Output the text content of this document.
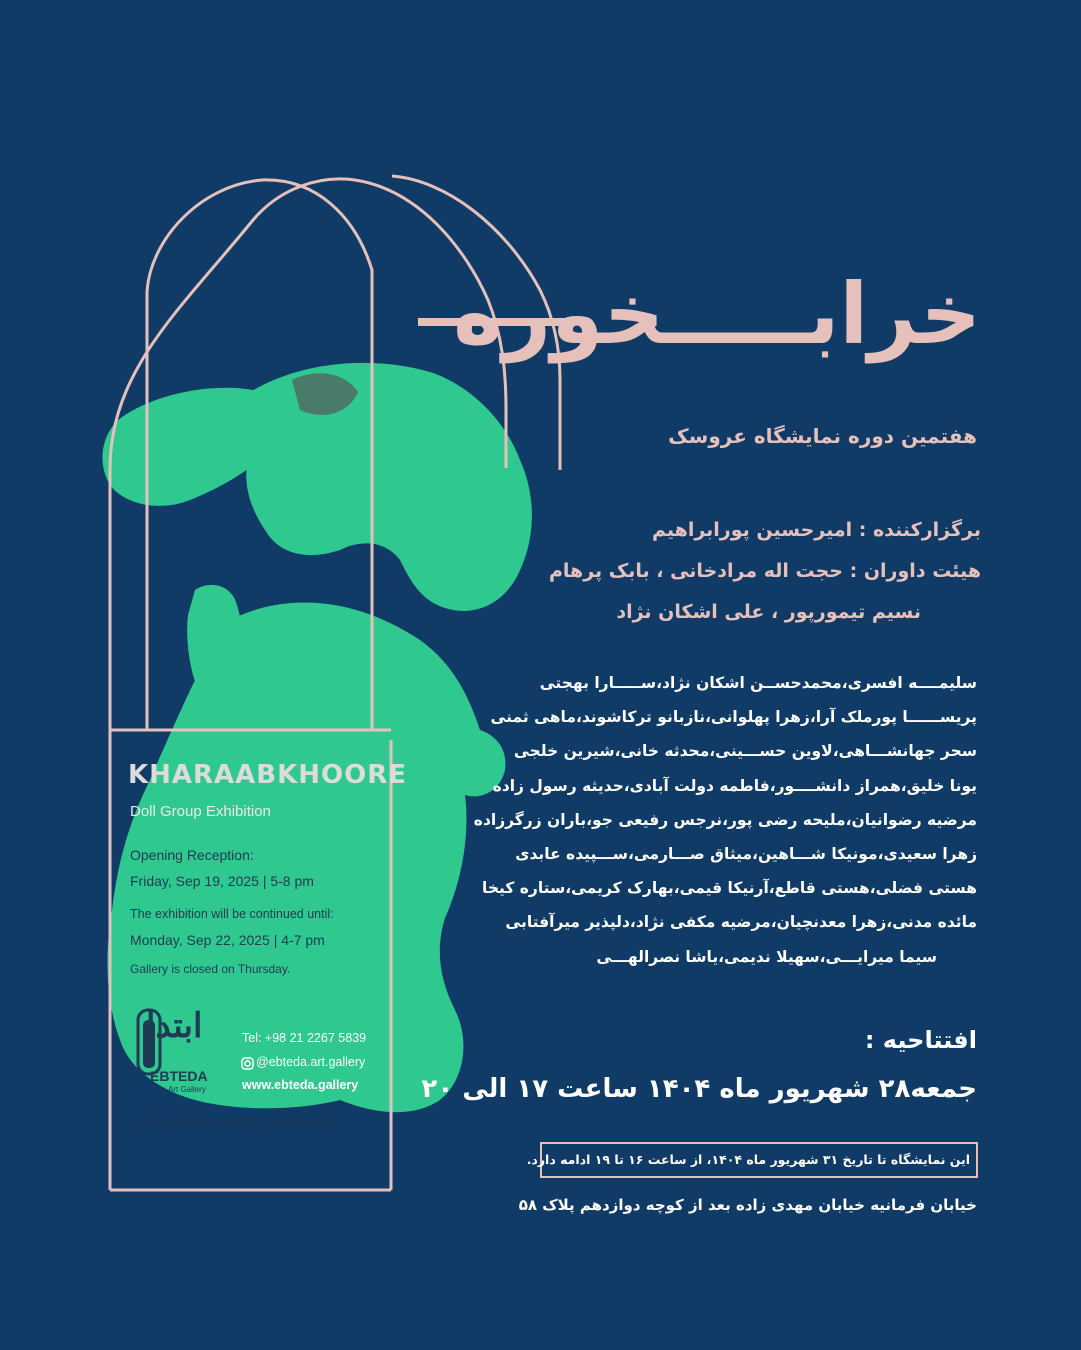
خرابـــــخوره
هفتمین دوره نمایشگاه عروسک
برگزارکننده : امیرحسین پورابراهیم
هیئت داوران : حجت اله مرادخانی ، بابک پرهام
نسیم تیمورپور ، علی اشکان نژاد
سلیمــــه افسری،محمدحســن اشکان نژاد،ســـــارا بهجتی
پریســــــا پورملک آرا،زهرا پهلوانی،نازبانو ترکاشوند،ماهی ثمنی
سحر جهانشـــاهی،لاوین حســـینی،محدثه خانی،شیرین خلجی
یونا خلیق،همراز دانشــــور،فاطمه دولت آبادی،حدیثه رسول زاده
مرضیه رضوانیان،ملیحه رضی پور،نرجس رفیعی جو،باران زرگرزاده
زهرا سعیدی،مونیکا شـــاهین،میثاق صـــارمی،ســـپیده عابدی
هستی فضلی،هستی قاطع،آرنیکا قیمی،بهارک کریمی،ستاره کیخا
مائده مدنی،زهرا معدنچیان،مرضیه مکفی نژاد،دلپذیر میرآفتابی
سیما میرایـــی،سهیلا ندیمی،یاشا نصرالهـــی
افتتاحیه :
جمعه۲۸ شهریور ماه ۱۴۰۴ ساعت ۱۷ الی ۲۰
این نمایشگاه تا تاریخ ۳۱ شهریور ماه ۱۴۰۴، از ساعت ۱۶ تا ۱۹ ادامه دارد.
خیابان فرمانیه خیابان مهدی زاده بعد از کوچه دوازدهم پلاک ۵۸
KHARAABKHOORE
Doll Group Exhibition
Opening Reception:
Friday, Sep 19, 2025 | 5-8 pm
The exhibition will be continued until:
Monday, Sep 22, 2025 | 4-7 pm
Gallery is closed on Thursday.
ابتدا
EBTEDA
Art Gallery
Tel: +98 21 2267 5839
@ebteda.art.gallery
www.ebteda.gallery
No.58, Mehdizadeh St., Farmanieh St.
